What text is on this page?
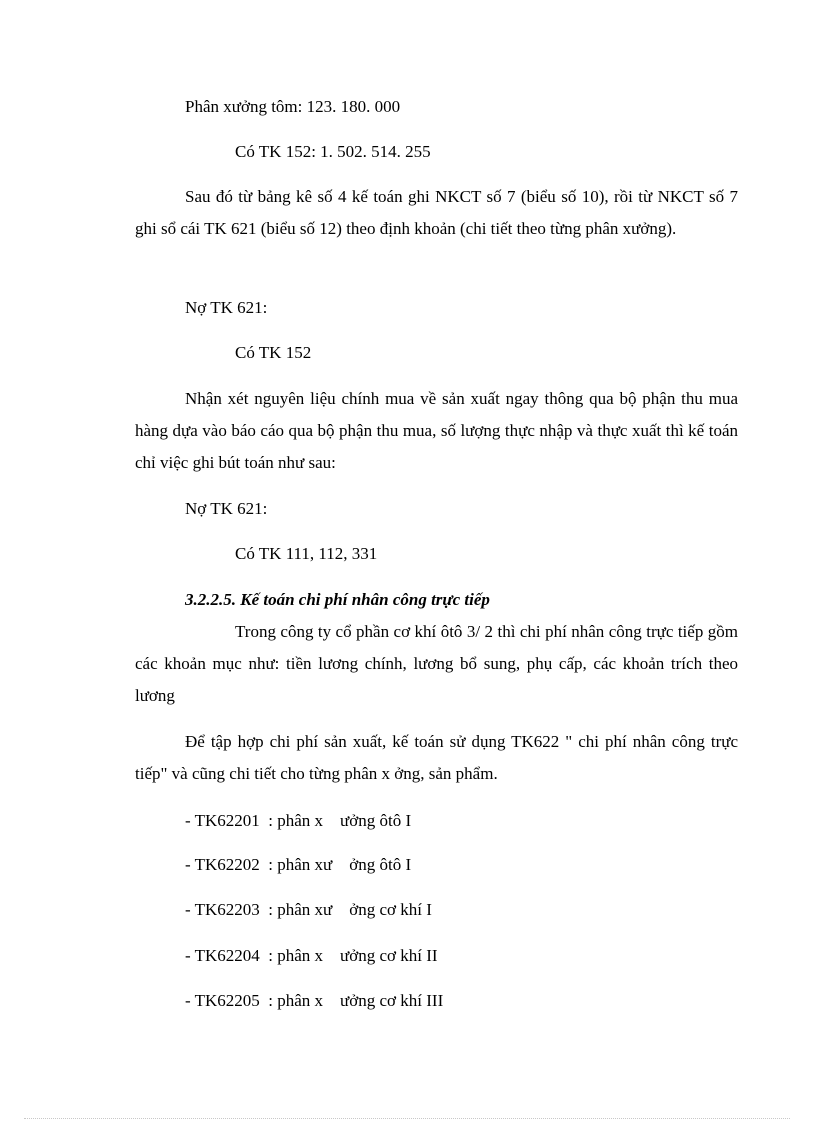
Phân xưởng tôm: 123. 180. 000
Có TK 152: 1. 502. 514. 255
Sau đó từ bảng kê số 4 kế toán ghi NKCT số 7 (biểu số 10), rồi từ NKCT số 7 ghi sổ cái TK 621 (biểu số 12) theo định khoản (chi tiết theo từng phân xưởng).
Nợ TK 621:
Có TK 152
Nhận xét nguyên liệu chính mua về sản xuất ngay thông qua bộ phận thu mua hàng dựa vào báo cáo qua bộ phận thu mua, số lượng thực nhập và thực xuất thì kế toán chỉ việc ghi bút toán như sau:
Nợ TK 621:
Có TK 111, 112, 331
3.2.2.5. Kế toán chi phí nhân công trực tiếp
Trong công ty cổ phần cơ khí ôtô 3/ 2 thì chi phí nhân công trực tiếp gồm các khoản mục như: tiền lương chính, lương bổ sung, phụ cấp, các khoản trích theo lương
Để tập hợp chi phí sản xuất, kế toán sử dụng TK622 " chi phí nhân công trực tiếp" và cũng chi tiết cho từng phân x ởng, sản phẩm.
- TK62201  : phân x    ưởng ôtô I
- TK62202  : phân xư    ởng ôtô I
- TK62203  : phân xư    ởng cơ khí I
- TK62204  : phân x    ưởng cơ khí II
- TK62205  : phân x    ưởng cơ khí III
